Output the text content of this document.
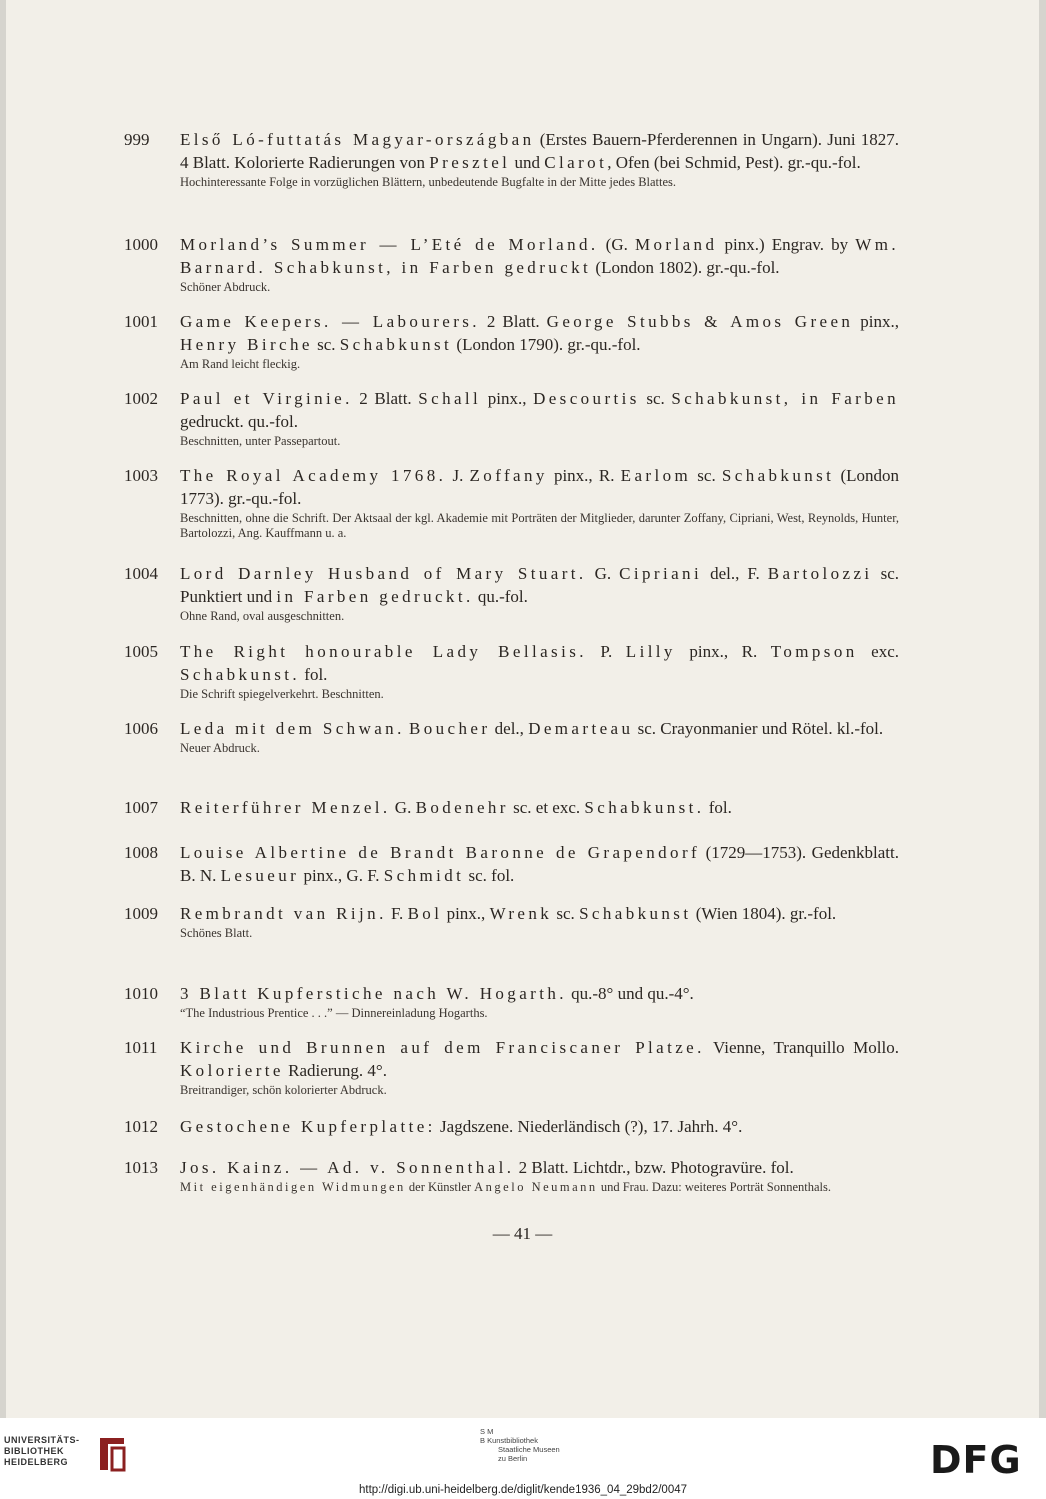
999	Első Ló-futtatás Magyar-országban (Erstes Bauern-Pferderennen in Ungarn). Juni 1827. 4 Blatt. Kolorierte Radierungen von Presztel und Clarot, Ofen (bei Schmid, Pest). gr.-qu.-fol.
Hochinteressante Folge in vorzüglichen Blättern, unbedeutende Bugfalte in der Mitte jedes Blattes.
1000	Morland’s Summer — L’Eté de Morland. (G. Morland pinx.) Engrav. by Wm. Barnard. Schabkunst, in Farben gedruckt (London 1802). gr.-qu.-fol.
Schöner Abdruck.
1001	Game Keepers. — Labourers. 2 Blatt. George Stubbs & Amos Green pinx., Henry Birche sc. Schabkunst (London 1790). gr.-qu.-fol.
Am Rand leicht fleckig.
1002	Paul et Virginie. 2 Blatt. Schall pinx., Descourtis sc. Schabkunst, in Farben gedruckt. qu.-fol.
Beschnitten, unter Passepartout.
1003	The Royal Academy 1768. J. Zoffany pinx., R. Earlom sc. Schabkunst (London 1773). gr.-qu.-fol.
Beschnitten, ohne die Schrift. Der Aktsaal der kgl. Akademie mit Porträten der Mitglieder, darunter Zoffany, Cipriani, West, Reynolds, Hunter, Bartolozzi, Ang. Kauffmann u. a.
1004	Lord Darnley Husband of Mary Stuart. G. Cipriani del., F. Bartolozzi sc. Punktiert und in Farben gedruckt. qu.-fol.
Ohne Rand, oval ausgeschnitten.
1005	The Right honourable Lady Bellasis. P. Lilly pinx., R. Tompson exc. Schabkunst. fol.
Die Schrift spiegelverkehrt. Beschnitten.
1006	Leda mit dem Schwan. Boucher del., Demarteau sc. Crayonmanier und Rötel. kl.-fol.
Neuer Abdruck.
1007	Reiterführer Menzel. G. Bodenehr sc. et exc. Schabkunst. fol.
1008	Louise Albertine de Brandt Baronne de Grapendorf (1729—1753). Gedenkblatt. B. N. Lesueur pinx., G. F. Schmidt sc. fol.
1009	Rembrandt van Rijn. F. Bol pinx., Wrenk sc. Schabkunst (Wien 1804). gr.-fol.
Schönes Blatt.
1010	3 Blatt Kupferstiche nach W. Hogarth. qu.-8° und qu.-4°.
“The Industrious Prentice . . .” — Dinnereinladung Hogarths.
1011	Kirche und Brunnen auf dem Franciscaner Platze. Vienne, Tranquillo Mollo. Kolorierte Radierung. 4°.
Breitrandiger, schön kolorierter Abdruck.
1012	Gestochene Kupferplatte: Jagdszene. Niederländisch (?), 17. Jahrh. 4°.
1013	Jos. Kainz. — Ad. v. Sonnenthal. 2 Blatt. Lichtdr., bzw. Photogravüre. fol.
Mit eigenhändigen Widmungen der Künstler Angelo Neumann und Frau. Dazu: weiteres Porträt Sonnenthals.
— 41 —
UNIVERSITÄTS-
BIBLIOTHEK
HEIDELBERG
S M
B Kunstbibliothek
Staatliche Museen
zu Berlin	DFG
http://digi.ub.uni-heidelberg.de/diglit/kende1936_04_29bd2/0047
